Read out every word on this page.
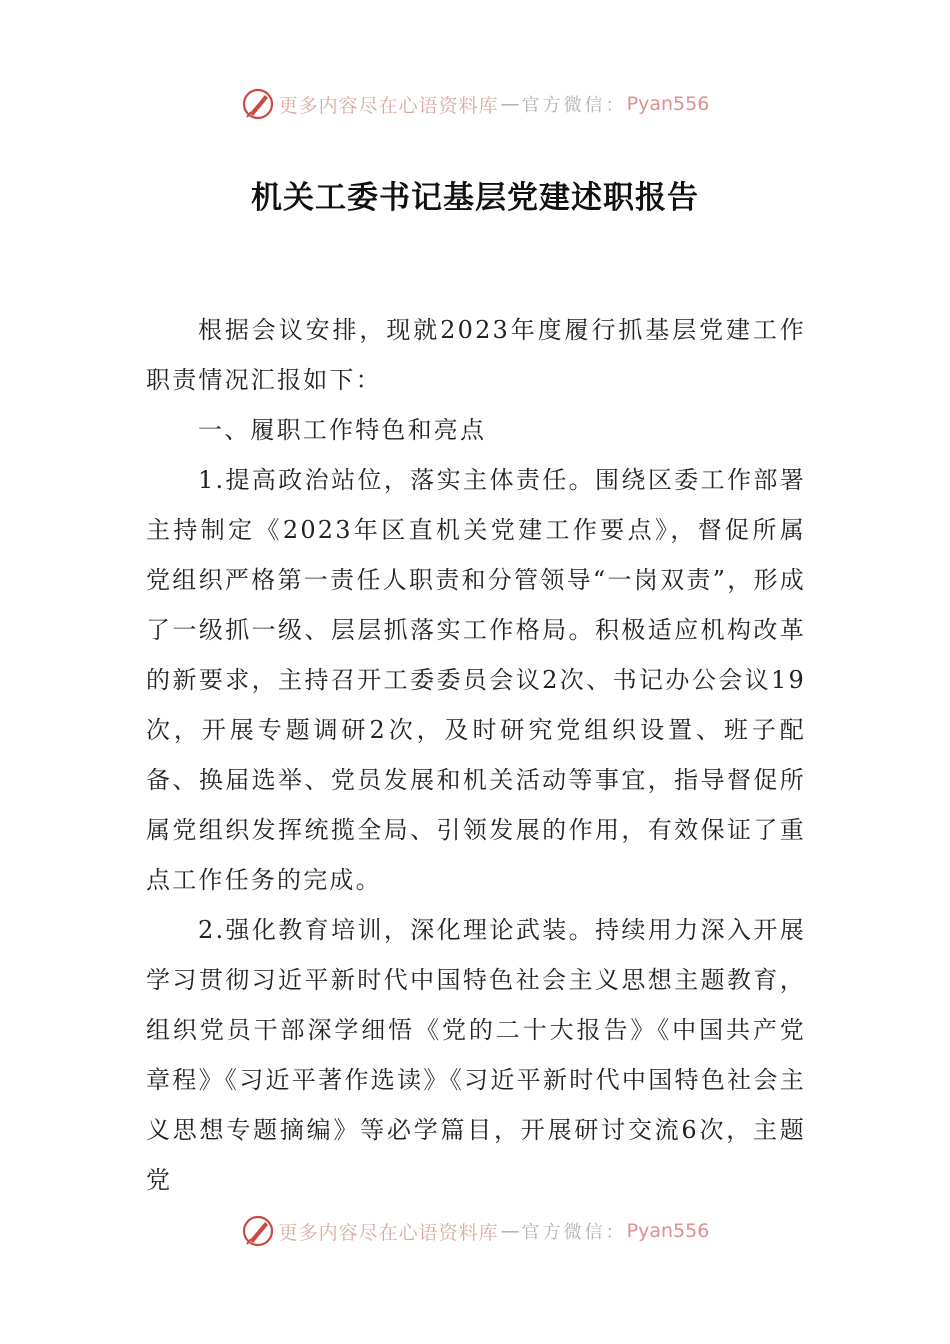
更多内容尽在心语资料库 — 官方微信： Pyan556
机关工委书记基层党建述职报告

根据会议安排，现就2023年度履行抓基层党建工作职责情况汇报如下：

一、履职工作特色和亮点

1.提高政治站位，落实主体责任。围绕区委工作部署主持制定《2023年区直机关党建工作要点》，督促所属党组织严格第一责任人职责和分管领导“一岗双责”，形成了一级抓一级、层层抓落实工作格局。积极适应机构改革的新要求，主持召开工委委员会议2次、书记办公会议19次，开展专题调研2次，及时研究党组织设置、班子配备、换届选举、党员发展和机关活动等事宜，指导督促所属党组织发挥统揽全局、引领发展的作用，有效保证了重点工作任务的完成。

2.强化教育培训，深化理论武装。持续用力深入开展学习贯彻习近平新时代中国特色社会主义思想主题教育，组织党员干部深学细悟《党的二十大报告》《中国共产党章程》《习近平著作选读》《习近平新时代中国特色社会主义思想专题摘编》等必学篇目，开展研讨交流6次，主题党

更多内容尽在心语资料库 — 官方微信： Pyan556
